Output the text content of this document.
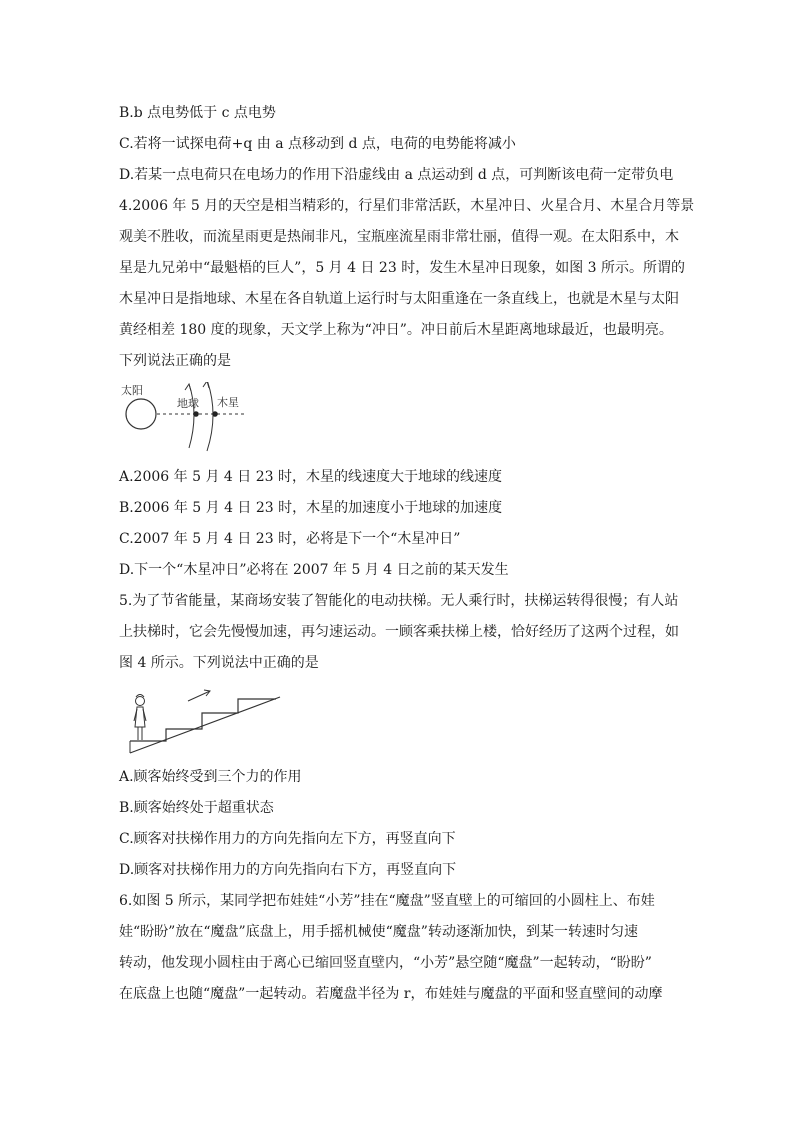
B.b 点电势低于 c 点电势
C.若将一试探电荷+q 由 a 点移动到 d 点，电荷的电势能将减小
D.若某一点电荷只在电场力的作用下沿虚线由 a 点运动到 d 点，可判断该电荷一定带负电
4.2006 年 5 月的天空是相当精彩的，行星们非常活跃，木星冲日、火星合月、木星合月等景
观美不胜收，而流星雨更是热闹非凡，宝瓶座流星雨非常壮丽，值得一观。在太阳系中，木
星是九兄弟中“最魁梧的巨人”，5 月 4 日 23 时，发生木星冲日现象，如图 3 所示。所谓的
木星冲日是指地球、木星在各自轨道上运行时与太阳重逢在一条直线上，也就是木星与太阳
黄经相差 180 度的现象，天文学上称为“冲日”。冲日前后木星距离地球最近，也最明亮。
下列说法正确的是
太阳
地球 木星
A.2006 年 5 月 4 日 23 时，木星的线速度大于地球的线速度
B.2006 年 5 月 4 日 23 时，木星的加速度小于地球的加速度
C.2007 年 5 月 4 日 23 时，必将是下一个“木星冲日”
D.下一个“木星冲日”必将在 2007 年 5 月 4 日之前的某天发生
5.为了节省能量，某商场安装了智能化的电动扶梯。无人乘行时，扶梯运转得很慢；有人站
上扶梯时，它会先慢慢加速，再匀速运动。一顾客乘扶梯上楼，恰好经历了这两个过程，如
图 4 所示。下列说法中正确的是
A.顾客始终受到三个力的作用
B.顾客始终处于超重状态
C.顾客对扶梯作用力的方向先指向左下方，再竖直向下
D.顾客对扶梯作用力的方向先指向右下方，再竖直向下
6.如图 5 所示，某同学把布娃娃“小芳”挂在“魔盘”竖直壁上的可缩回的小圆柱上、布娃
娃“盼盼”放在“魔盘”底盘上，用手摇机械使“魔盘”转动逐渐加快，到某一转速时匀速
转动，他发现小圆柱由于离心已缩回竖直壁内，“小芳”悬空随“魔盘”一起转动，“盼盼”
在底盘上也随“魔盘”一起转动。若魔盘半径为 r，布娃娃与魔盘的平面和竖直壁间的动摩
